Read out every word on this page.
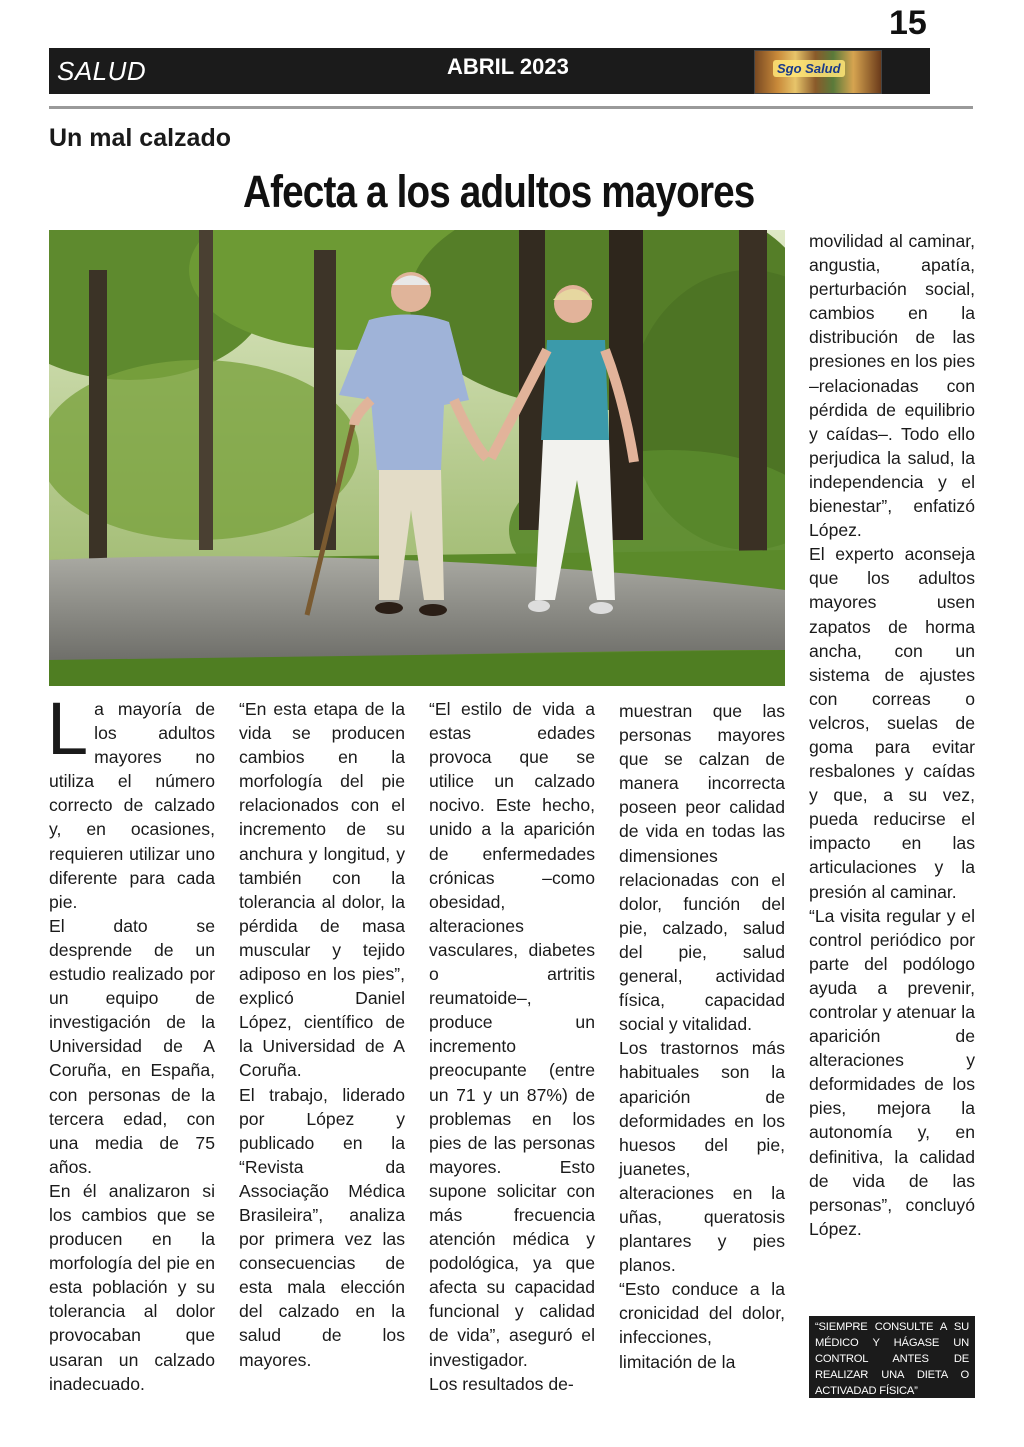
SALUD	ABRIL 2023	Sgo Salud
15
Un mal calzado
Afecta a los adultos mayores
L a mayoría de los adultos mayores no utiliza el número correcto de calzado y, en ocasiones, requieren utilizar uno diferente para cada pie.

El dato se desprende de un estudio realizado por un equipo de investigación de la Universidad de A Coruña, en España, con personas de la tercera edad, con una media de 75 años.

En él analizaron si los cambios que se producen en la morfología del pie en esta población y su tolerancia al dolor provocaban que usaran un calzado inadecuado.

“En esta etapa de la vida se producen cambios en la morfología del pie relacionados con el incremento de su anchura y longitud, y también con la tolerancia al dolor, la pérdida de masa muscular y tejido adiposo en los pies”, explicó Daniel López, científico de la Universidad de A Coruña.

El trabajo, liderado por López y publicado en la “Revista da Associação Médica Brasileira”, analiza por primera vez las consecuencias de esta mala elección del calzado en la salud de los mayores.

“El estilo de vida a estas edades provoca que se utilice un calzado nocivo. Este hecho, unido a la aparición de enfermedades crónicas –como obesidad, alteraciones vasculares, diabetes o artritis reumatoide–, produce un incremento preocupante (entre un 71 y un 87%) de problemas en los pies de las personas mayores. Esto supone solicitar con más frecuencia atención médica y podológica, ya que afecta su capacidad funcional y calidad de vida”, aseguró el investigador.

Los resultados de-

muestran que las personas mayores que se calzan de manera incorrecta poseen peor calidad de vida en todas las dimensiones relacionadas con el dolor, función del pie, calzado, salud del pie, salud general, actividad física, capacidad social y vitalidad.

Los trastornos más habituales son la aparición de deformidades en los huesos del pie, juanetes, alteraciones en la uñas, queratosis plantares y pies planos.

“Esto conduce a la cronicidad del dolor, infecciones, limitación de la

movilidad al caminar, angustia, apatía, perturbación social, cambios en la distribución de las presiones en los pies –relacionadas con pérdida de equilibrio y caídas–. Todo ello perjudica la salud, la independencia y el bienestar”, enfatizó López.

El experto aconseja que los adultos mayores usen zapatos de horma ancha, con un sistema de ajustes con correas o velcros, suelas de goma para evitar resbalones y caídas y que, a su vez, pueda reducirse el impacto en las articulaciones y la presión al caminar.

“La visita regular y el control periódico por parte del podólogo ayuda a prevenir, controlar y atenuar la aparición de alteraciones y deformidades de los pies, mejora la autonomía y, en definitiva, la calidad de vida de las personas”, concluyó López.

“SIEMPRE CONSULTE A SU MÉDICO Y HÁGASE UN CONTROL ANTES DE REALIZAR UNA DIETA O ACTIVADAD FÍSICA”
